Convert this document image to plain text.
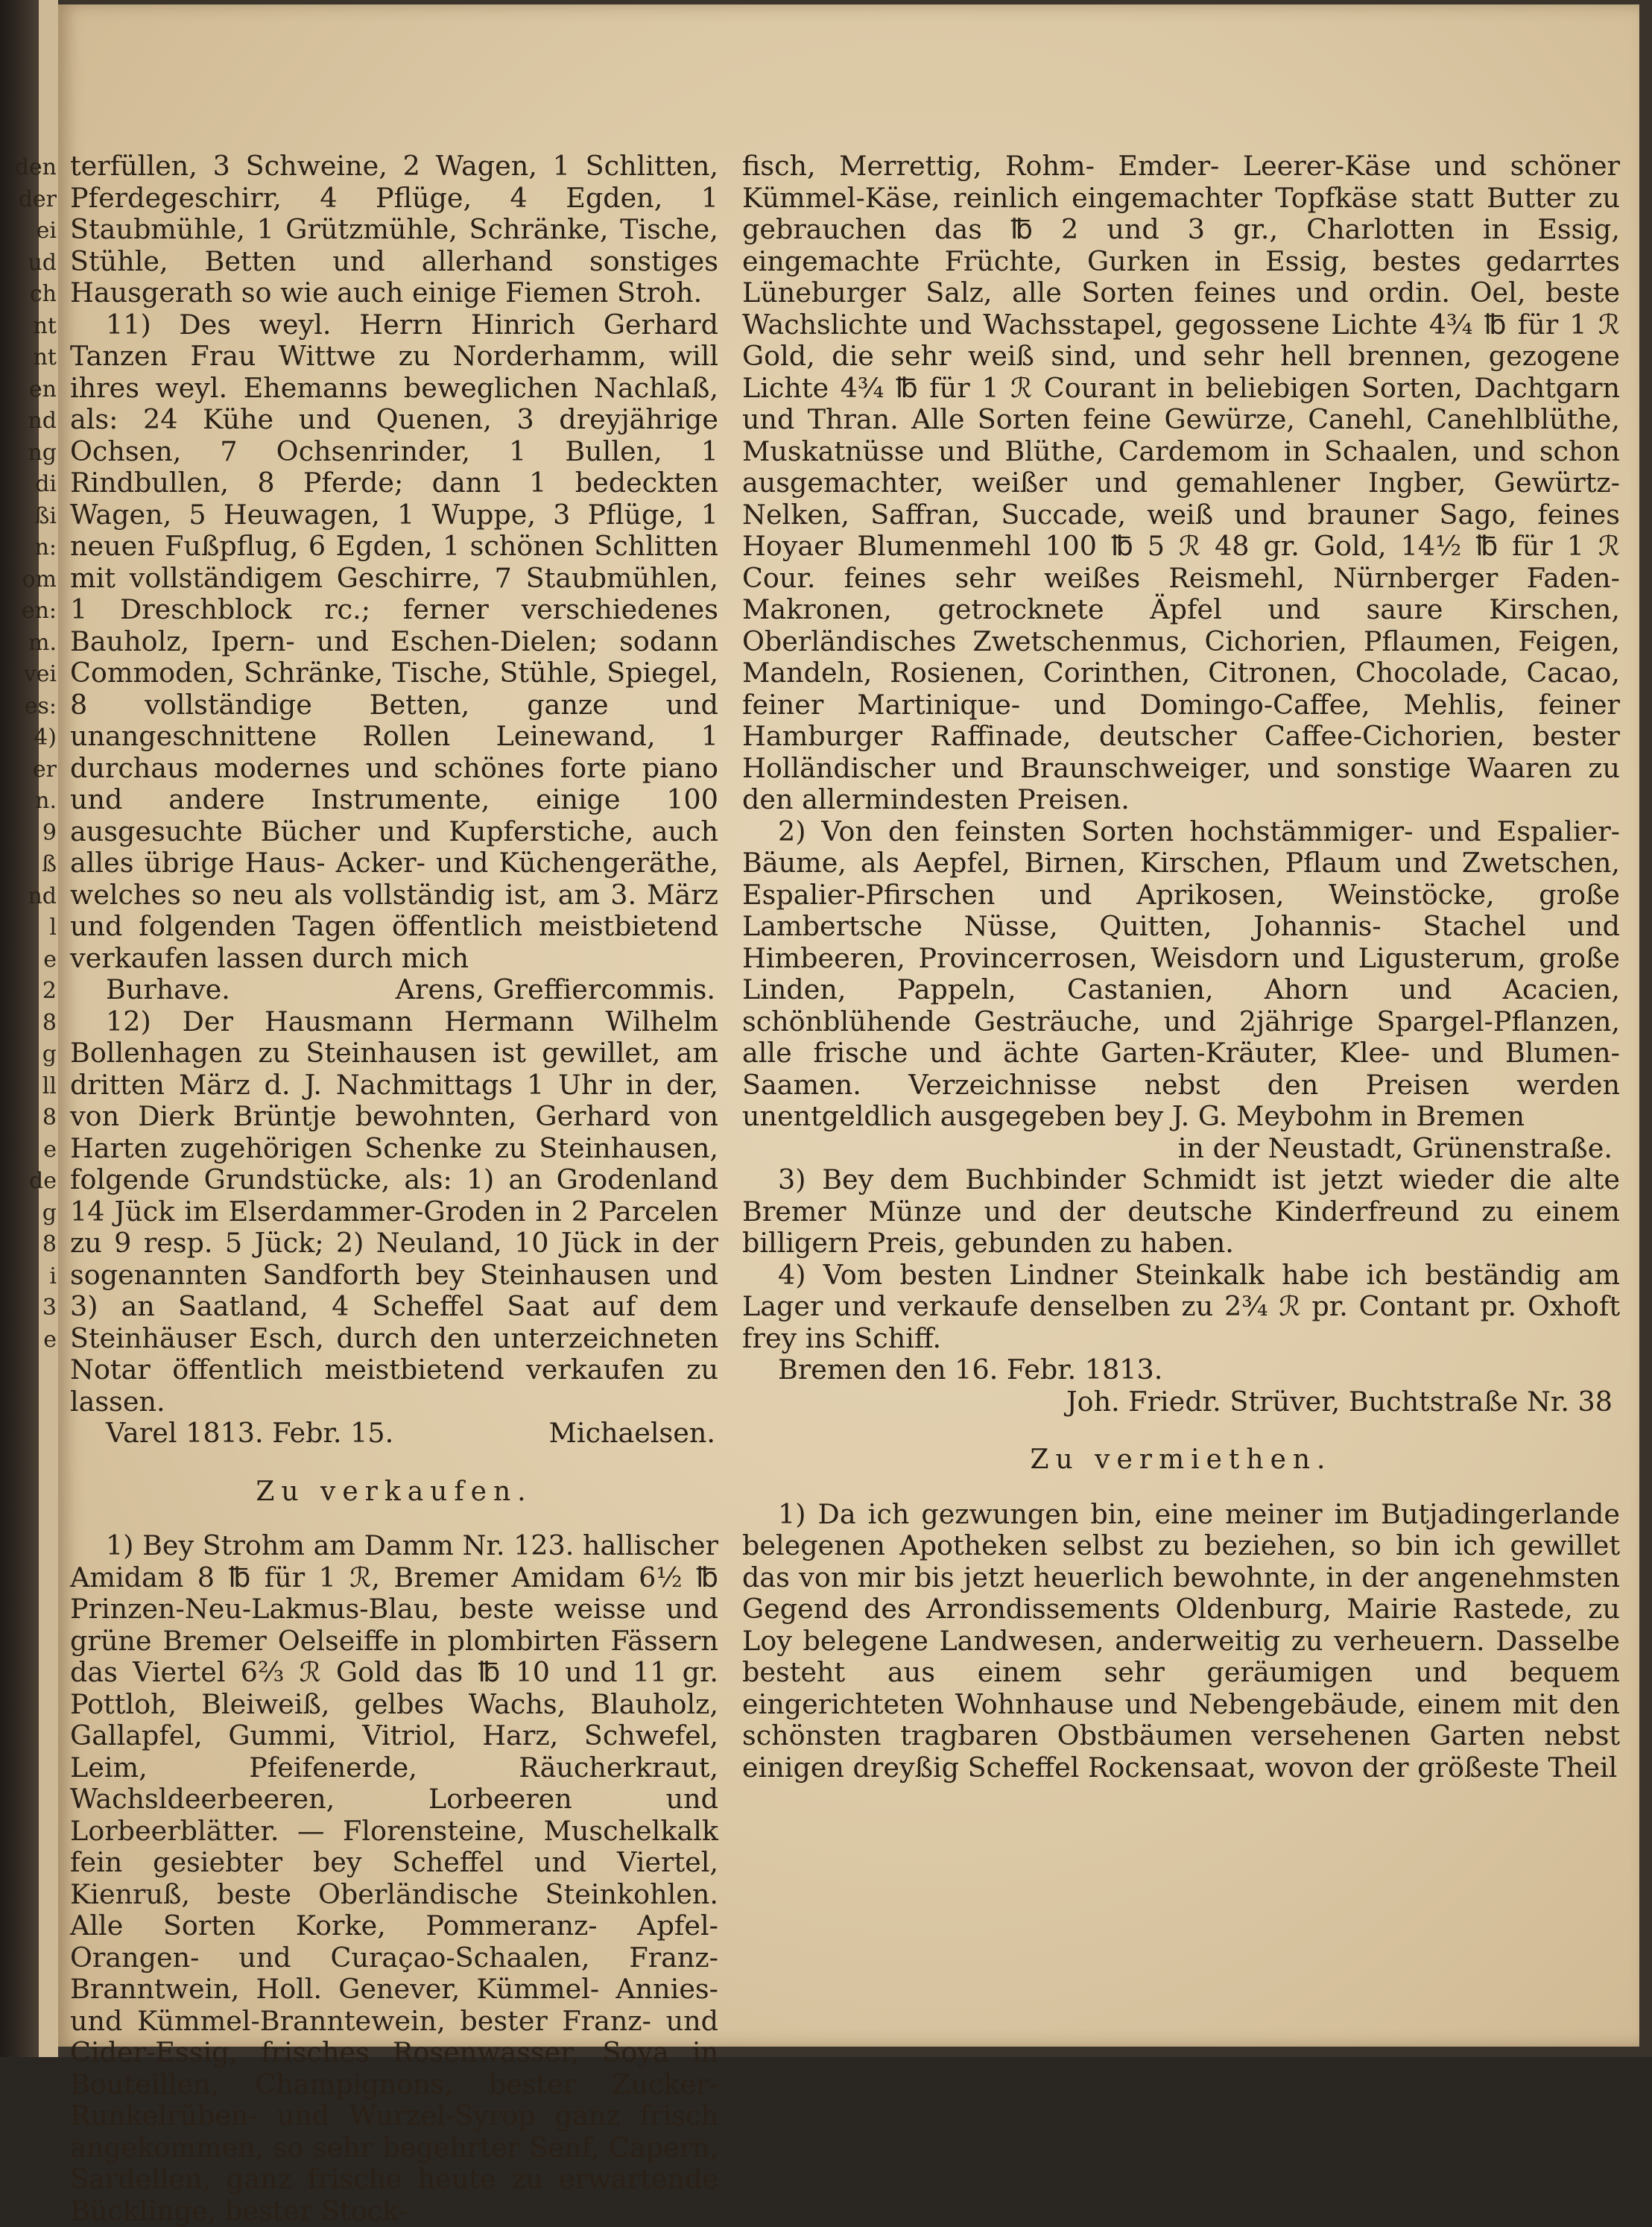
den
der
ei
ud
ch
nt
nt
en
nd
ng
di
ßi
n:
om
en:
m.
vei
es:
4)
er
n.
9
ß
nd
l
e
2
8
g
ll
8
e
de
g
8
i
3
e

terfüllen, 3 Schweine, 2 Wagen, 1 Schlitten, Pferdegeschirr, 4 Pflüge, 4 Egden, 1 Staubmühle, 1 Grützmühle, Schränke, Tische, Stühle, Betten und allerhand sonstiges Hausgerath so wie auch einige Fiemen Stroh.

11) Des weyl. Herrn Hinrich Gerhard Tanzen Frau Wittwe zu Norderhamm, will ihres weyl. Ehemanns beweglichen Nachlaß, als: 24 Kühe und Quenen, 3 dreyjährige Ochsen, 7 Ochsenrinder, 1 Bullen, 1 Rindbullen, 8 Pferde; dann 1 bedeckten Wagen, 5 Heuwagen, 1 Wuppe, 3 Pflüge, 1 neuen Fußpflug, 6 Egden, 1 schönen Schlitten mit vollständigem Geschirre, 7 Staubmühlen, 1 Dreschblock rc.; ferner verschiedenes Bauholz, Ipern- und Eschen-Dielen; sodann Commoden, Schränke, Tische, Stühle, Spiegel, 8 vollständige Betten, ganze und unangeschnittene Rollen Leinewand, 1 durchaus modernes und schönes forte piano und andere Instrumente, einige 100 ausgesuchte Bücher und Kupferstiche, auch alles übrige Haus- Acker- und Küchengeräthe, welches so neu als vollständig ist, am 3. März und folgenden Tagen öffentlich meistbietend verkaufen lassen durch mich

Burhave.	Arens, Greffiercommis.

12) Der Hausmann Hermann Wilhelm Bollenhagen zu Steinhausen ist gewillet, am dritten März d. J. Nachmittags 1 Uhr in der, von Dierk Brüntje bewohnten, Gerhard von Harten zugehörigen Schenke zu Steinhausen, folgende Grundstücke, als: 1) an Grodenland 14 Jück im Elserdammer-Groden in 2 Parcelen zu 9 resp. 5 Jück; 2) Neuland, 10 Jück in der sogenannten Sandforth bey Steinhausen und 3) an Saatland, 4 Scheffel Saat auf dem Steinhäuser Esch, durch den unterzeichneten Notar öffentlich meistbietend verkaufen zu lassen.

Varel 1813. Febr. 15.	Michaelsen.
Zu verkaufen.

1) Bey Strohm am Damm Nr. 123. hallischer Amidam 8 ℔ für 1 ℛ, Bremer Amidam 6½ ℔ Prinzen-Neu-Lakmus-Blau, beste weisse und grüne Bremer Oelseiffe in plombirten Fässern das Viertel 6⅔ ℛ Gold das ℔ 10 und 11 gr. Pottloh, Bleiweiß, gelbes Wachs, Blauholz, Gallapfel, Gummi, Vitriol, Harz, Schwefel, Leim, Pfeifenerde, Räucherkraut, Wachsldeerbeeren, Lorbeeren und Lorbeerblätter. — Florensteine, Muschelkalk fein gesiebter bey Scheffel und Viertel, Kienruß, beste Oberländische Steinkohlen. Alle Sorten Korke, Pommeranz- Apfel- Orangen- und Curaçao-Schaalen, Franz-Branntwein, Holl. Genever, Kümmel- Annies- und Kümmel-Branntewein, bester Franz- und Cider-Essig, frisches Rosenwasser, Soya in Bouteillen, Champignons, bester Zucker-Runkelrüben- und Wurzel-Syrop ganz frisch angekommen, so sehr begehrter Senf, Capern, Sardellen, ganz frische heute zu erwartende Bücklinge, bester Stock-

fisch, Merrettig, Rohm- Emder- Leerer-Käse und schöner Kümmel-Käse, reinlich eingemachter Topfkäse statt Butter zu gebrauchen das ℔ 2 und 3 gr., Charlotten in Essig, eingemachte Früchte, Gurken in Essig, bestes gedarrtes Lüneburger Salz, alle Sorten feines und ordin. Oel, beste Wachslichte und Wachsstapel, gegossene Lichte 4¾ ℔ für 1 ℛ Gold, die sehr weiß sind, und sehr hell brennen, gezogene Lichte 4¾ ℔ für 1 ℛ Courant in beliebigen Sorten, Dachtgarn und Thran. Alle Sorten feine Gewürze, Canehl, Canehlblüthe, Muskatnüsse und Blüthe, Cardemom in Schaalen, und schon ausgemachter, weißer und gemahlener Ingber, Gewürtz-Nelken, Saffran, Succade, weiß und brauner Sago, feines Hoyaer Blumenmehl 100 ℔ 5 ℛ 48 gr. Gold, 14½ ℔ für 1 ℛ Cour. feines sehr weißes Reismehl, Nürnberger Faden-Makronen, getrocknete Äpfel und saure Kirschen, Oberländisches Zwetschenmus, Cichorien, Pflaumen, Feigen, Mandeln, Rosienen, Corinthen, Citronen, Chocolade, Cacao, feiner Martinique- und Domingo-Caffee, Mehlis, feiner Hamburger Raffinade, deutscher Caffee-Cichorien, bester Holländischer und Braunschweiger, und sonstige Waaren zu den allermindesten Preisen.

2) Von den feinsten Sorten hochstämmiger- und Espalier-Bäume, als Aepfel, Birnen, Kirschen, Pflaum und Zwetschen, Espalier-Pfirschen und Aprikosen, Weinstöcke, große Lambertsche Nüsse, Quitten, Johannis- Stachel und Himbeeren, Provincerrosen, Weisdorn und Ligusterum, große Linden, Pappeln, Castanien, Ahorn und Acacien, schönblühende Gesträuche, und 2jährige Spargel-Pflanzen, alle frische und ächte Garten-Kräuter, Klee- und Blumen-Saamen. Verzeichnisse nebst den Preisen werden unentgeldlich ausgegeben bey J. G. Meybohm in Bremen

in der Neustadt, Grünenstraße.

3) Bey dem Buchbinder Schmidt ist jetzt wieder die alte Bremer Münze und der deutsche Kinderfreund zu einem billigern Preis, gebunden zu haben.

4) Vom besten Lindner Steinkalk habe ich beständig am Lager und verkaufe denselben zu 2¾ ℛ pr. Contant pr. Oxhoft frey ins Schiff.

Bremen den 16. Febr. 1813.

Joh. Friedr. Strüver, Buchtstraße Nr. 38

Zu vermiethen.

1) Da ich gezwungen bin, eine meiner im Butjadingerlande belegenen Apotheken selbst zu beziehen, so bin ich gewillet das von mir bis jetzt heuerlich bewohnte, in der angenehmsten Gegend des Arrondissements Oldenburg, Mairie Rastede, zu Loy belegene Landwesen, anderweitig zu verheuern. Dasselbe besteht aus einem sehr geräumigen und bequem eingerichteten Wohnhause und Nebengebäude, einem mit den schönsten tragbaren Obstbäumen versehenen Garten nebst einigen dreyßig Scheffel Rockensaat, wovon der größeste Theil
